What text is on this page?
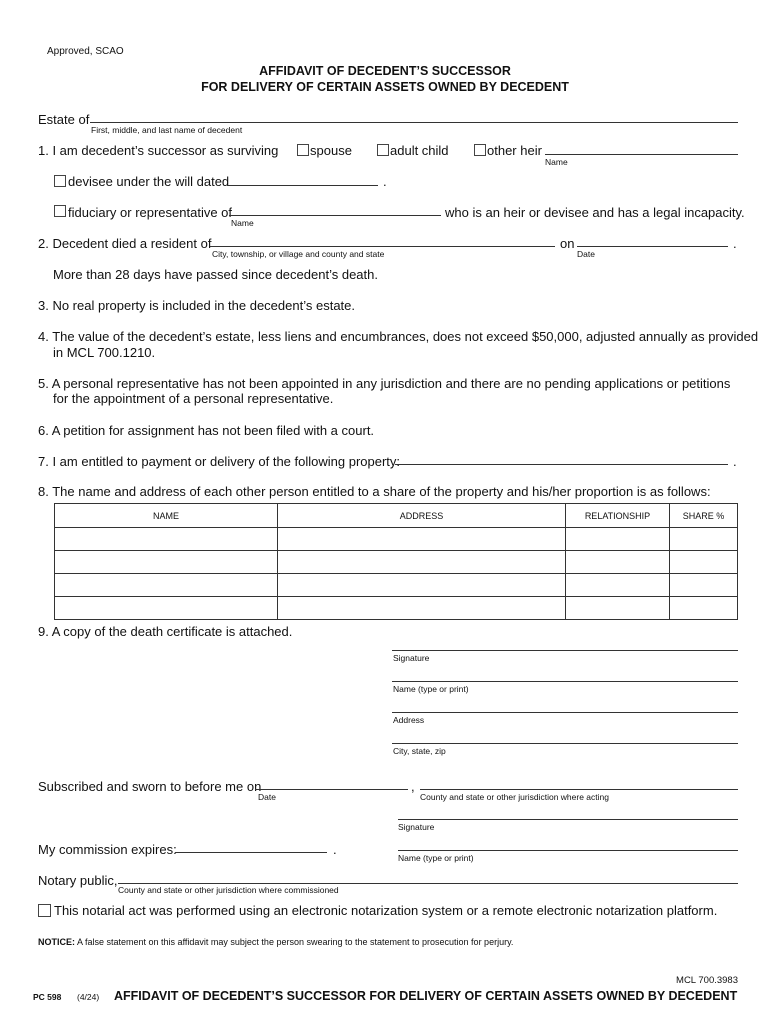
Approved, SCAO
AFFIDAVIT OF DECEDENT’S SUCCESSOR
FOR DELIVERY OF CERTAIN ASSETS OWNED BY DECEDENT
Estate of
First, middle, and last name of decedent
1. I am decedent’s successor as surviving spouse	adult child	other heir
Name
devisee under the will dated	.
fiduciary or representative of
Name
who is an heir or devisee and has a legal incapacity.
2. Decedent died a resident of
City, township, or village and county and state
on
Date
.
More than 28 days have passed since decedent’s death.
3. No real property is included in the decedent’s estate.
4. The value of the decedent’s estate, less liens and encumbrances, does not exceed $50,000, adjusted annually as provided
in MCL 700.1210.
5. A personal representative has not been appointed in any jurisdiction and there are no pending applications or petitions
for the appointment of a personal representative.
6. A petition for assignment has not been filed with a court.
7. I am entitled to payment or delivery of the following property:	.
8. The name and address of each other person entitled to a share of the property and his/her proportion is as follows:
NAME	ADDRESS	RELATIONSHIP	SHARE %

9. A copy of the death certificate is attached.
Signature
Name (type or print)
Address
City, state, zip
Subscribed and sworn to before me on
Date
,
County and state or other jurisdiction where acting
Signature
My commission expires:	.
Name (type or print)
Notary public,
County and state or other jurisdiction where commissioned
This notarial act was performed using an electronic notarization system or a remote electronic notarization platform.
NOTICE: A false statement on this affidavit may subject the person swearing to the statement to prosecution for perjury.
MCL 700.3983
PC 598 (4/24) AFFIDAVIT OF DECEDENT’S SUCCESSOR FOR DELIVERY OF CERTAIN ASSETS OWNED BY DECEDENT
